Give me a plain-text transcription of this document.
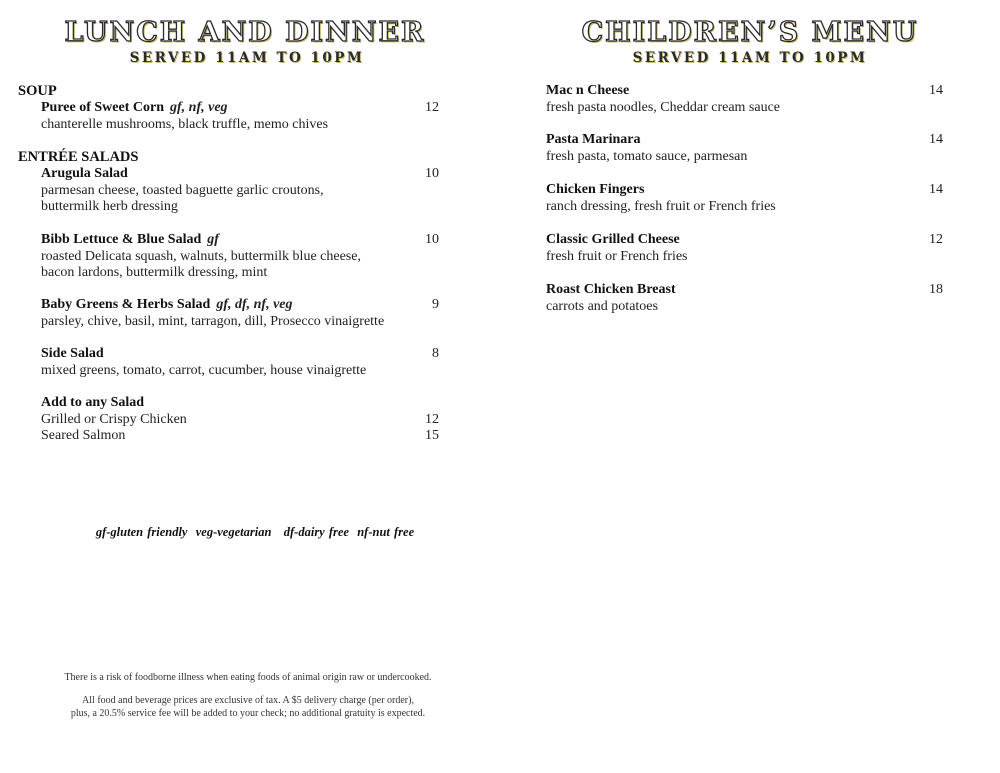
LUNCH AND DINNER
SERVED 11AM TO 10PM
SOUP
Puree of Sweet Corn gf, nf, veg	12
chanterelle mushrooms, black truffle, memo chives
ENTRÉE SALADS
Arugula Salad	10
parmesan cheese, toasted baguette garlic croutons,
buttermilk herb dressing
Bibb Lettuce & Blue Salad gf	10
roasted Delicata squash, walnuts, buttermilk blue cheese,
bacon lardons, buttermilk dressing, mint
Baby Greens & Herbs Salad gf, df, nf, veg	9
parsley, chive, basil, mint, tarragon, dill, Prosecco vinaigrette
Side Salad	8
mixed greens, tomato, carrot, cucumber, house vinaigrette
Add to any Salad
Grilled or Crispy Chicken	12
Seared Salmon	15
gf-gluten friendly  veg-vegetarian   df-dairy free  nf-nut free
There is a risk of foodborne illness when eating foods of animal origin raw or undercooked.
All food and beverage prices are exclusive of tax. A $5 delivery charge (per order),
plus, a 20.5% service fee will be added to your check; no additional gratuity is expected.
CHILDREN’S MENU
SERVED 11AM TO 10PM
Mac n Cheese	14
fresh pasta noodles, Cheddar cream sauce
Pasta Marinara	14
fresh pasta, tomato sauce, parmesan
Chicken Fingers	14
ranch dressing, fresh fruit or French fries
Classic Grilled Cheese	12
fresh fruit or French fries
Roast Chicken Breast	18
carrots and potatoes
